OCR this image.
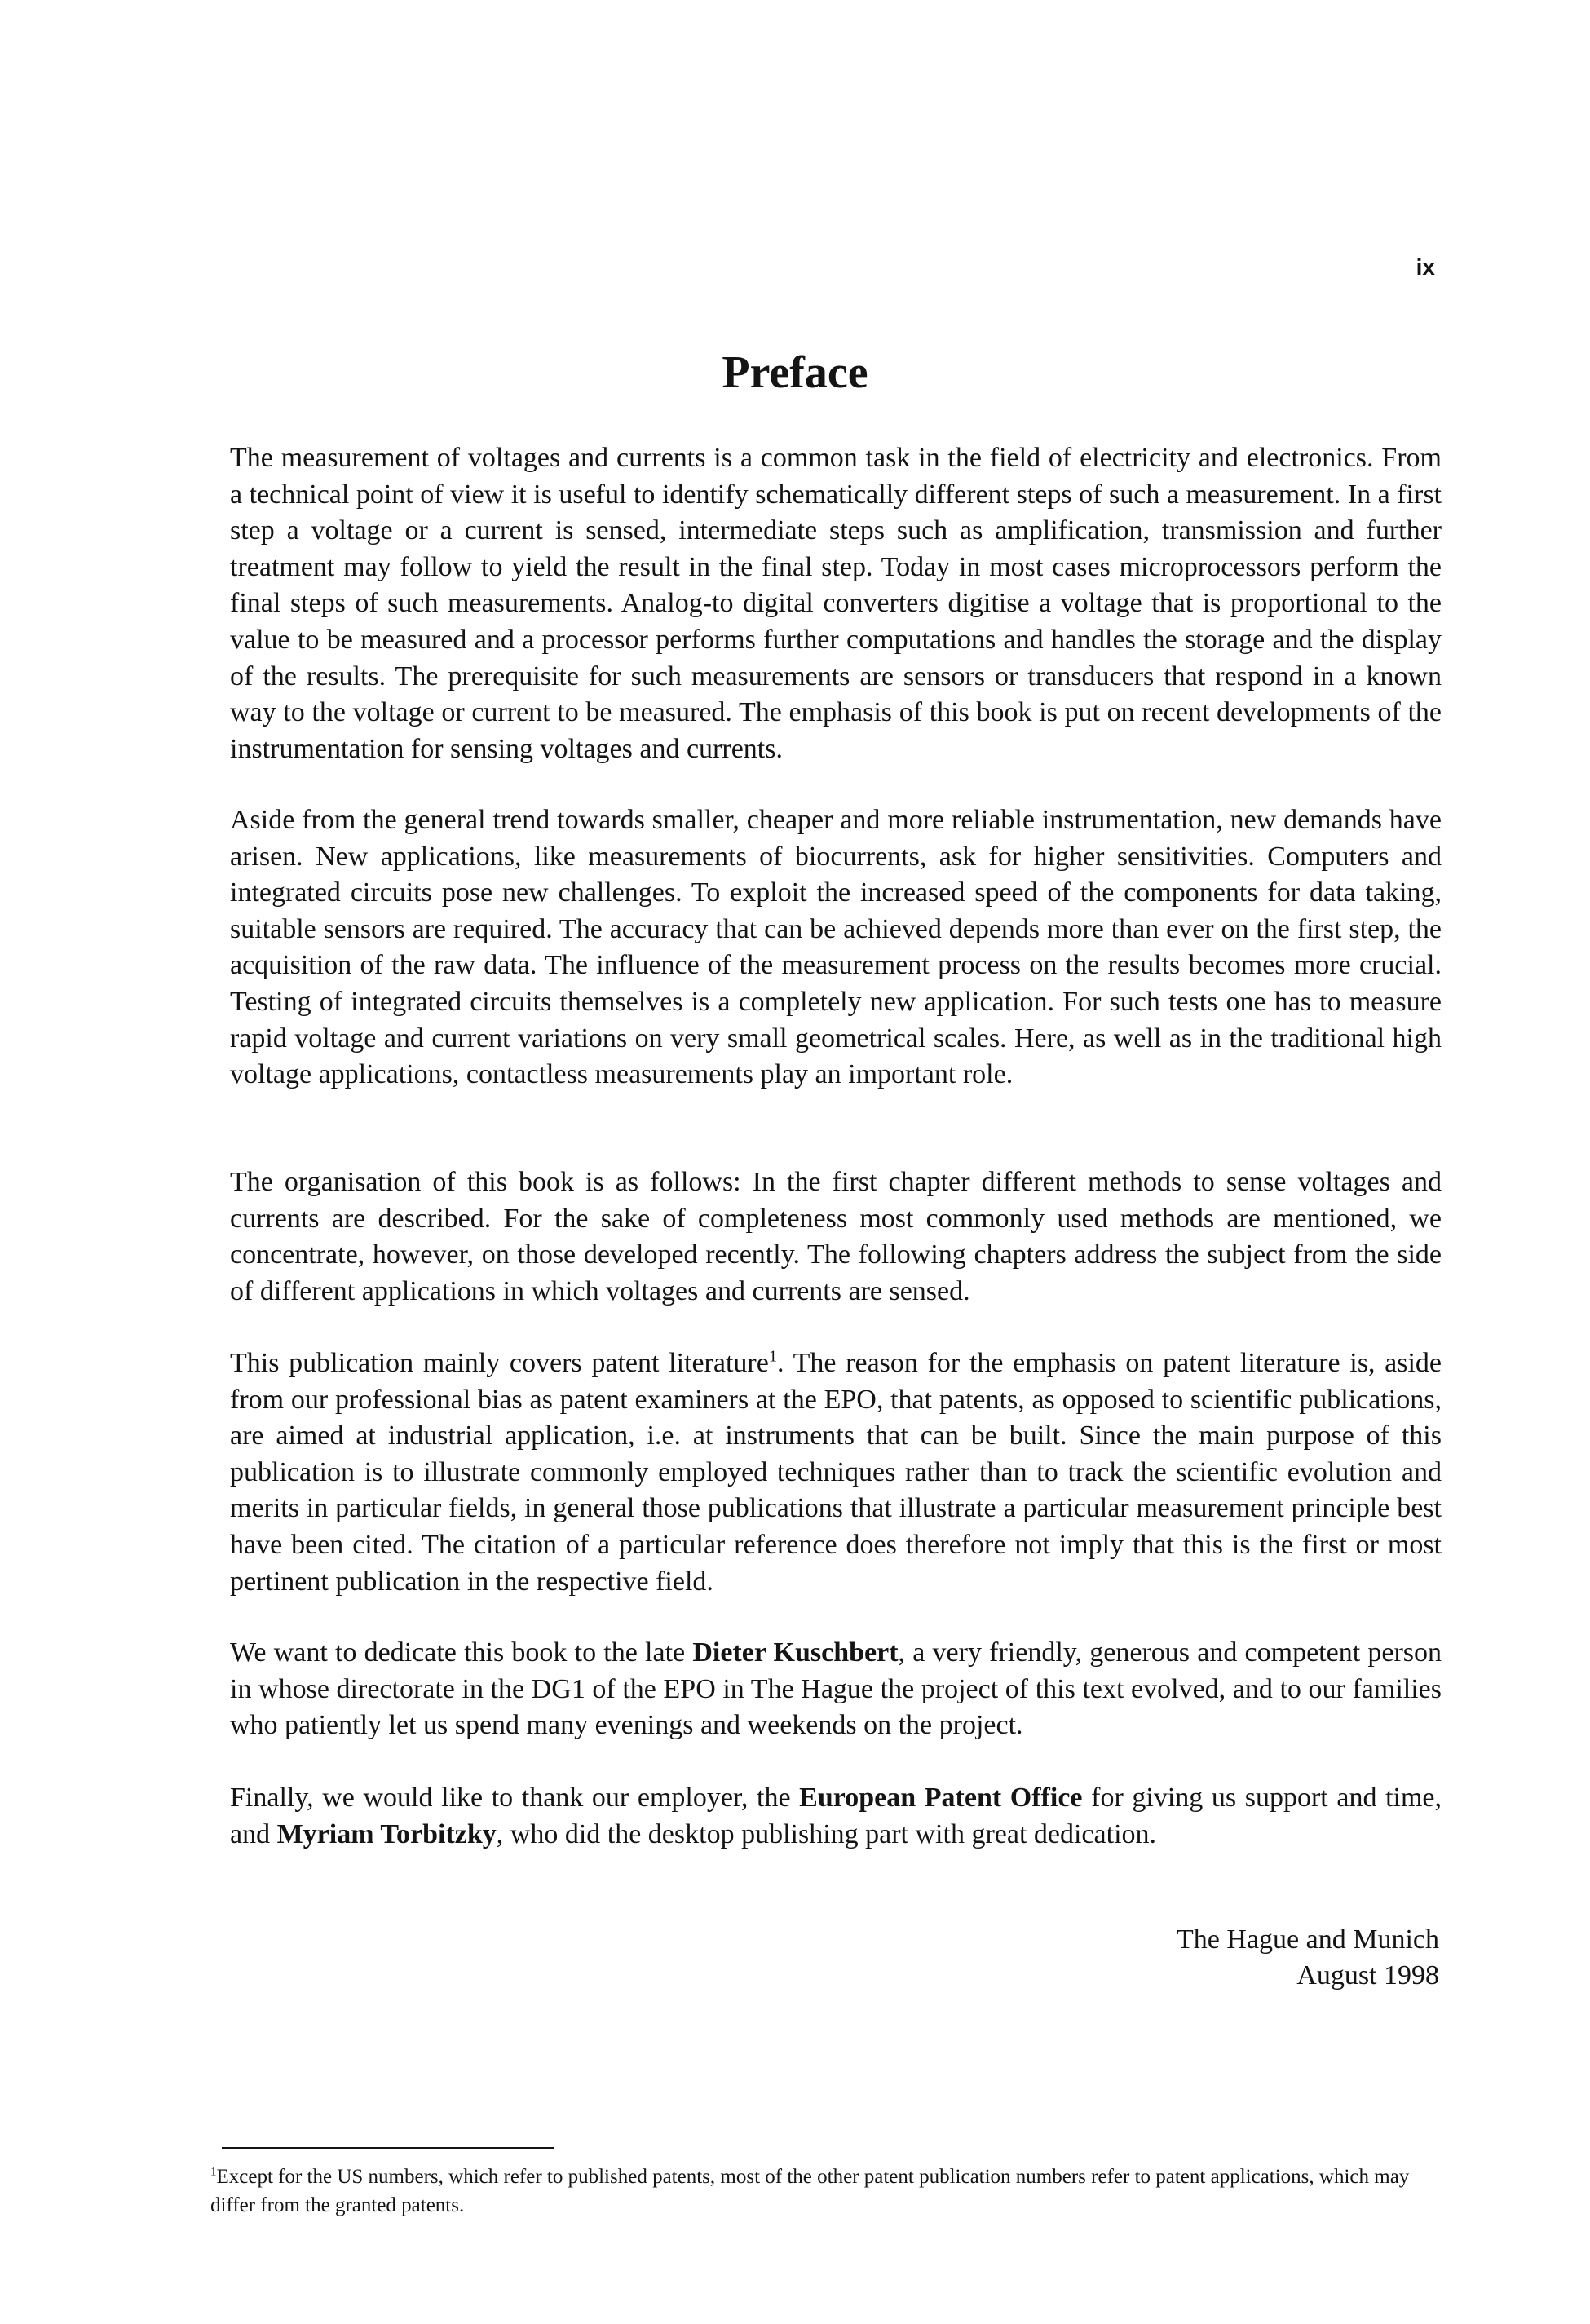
ix
Preface

The measurement of voltages and currents is a common task in the field of electricity and electronics. From a technical point of view it is useful to identify schematically different steps of such a measurement. In a first step a voltage or a current is sensed, intermediate steps such as amplification, transmission and further treatment may follow to yield the result in the final step. Today in most cases microprocessors perform the final steps of such measurements. Analog-to digital converters digitise a voltage that is proportional to the value to be measured and a processor performs further computations and handles the storage and the display of the results. The prerequisite for such measurements are sensors or transducers that respond in a known way to the voltage or current to be measured. The emphasis of this book is put on recent developments of the instrumentation for sensing voltages and currents.

Aside from the general trend towards smaller, cheaper and more reliable instrumentation, new demands have arisen. New applications, like measurements of biocurrents, ask for higher sensitivities. Computers and integrated circuits pose new challenges. To exploit the increased speed of the components for data taking, suitable sensors are required. The accuracy that can be achieved depends more than ever on the first step, the acquisition of the raw data. The influence of the measurement process on the results becomes more crucial. Testing of integrated circuits themselves is a completely new application. For such tests one has to measure rapid voltage and current variations on very small geometrical scales. Here, as well as in the traditional high voltage applications, contactless measurements play an important role.

The organisation of this book is as follows: In the first chapter different methods to sense voltages and currents are described. For the sake of completeness most commonly used methods are mentioned, we concentrate, however, on those developed recently. The following chapters address the subject from the side of different applications in which voltages and currents are sensed.

This publication mainly covers patent literature$^1$. The reason for the emphasis on patent literature is, aside from our professional bias as patent examiners at the EPO, that patents, as opposed to scientific publications, are aimed at industrial application, i.e. at instruments that can be built. Since the main purpose of this publication is to illustrate commonly employed techniques rather than to track the scientific evolution and merits in particular fields, in general those publications that illustrate a particular measurement principle best have been cited. The citation of a particular reference does therefore not imply that this is the first or most pertinent publication in the respective field.

We want to dedicate this book to the late Dieter Kuschbert, a very friendly, generous and competent person in whose directorate in the DG1 of the EPO in The Hague the project of this text evolved, and to our families who patiently let us spend many evenings and weekends on the project.

Finally, we would like to thank our employer, the European Patent Office for giving us support and time, and Myriam Torbitzky, who did the desktop publishing part with great dedication.

The Hague and Munich
August 1998
$^1$Except for the US numbers, which refer to published patents, most of the other patent publication numbers refer to patent applications, which may differ from the granted patents.
